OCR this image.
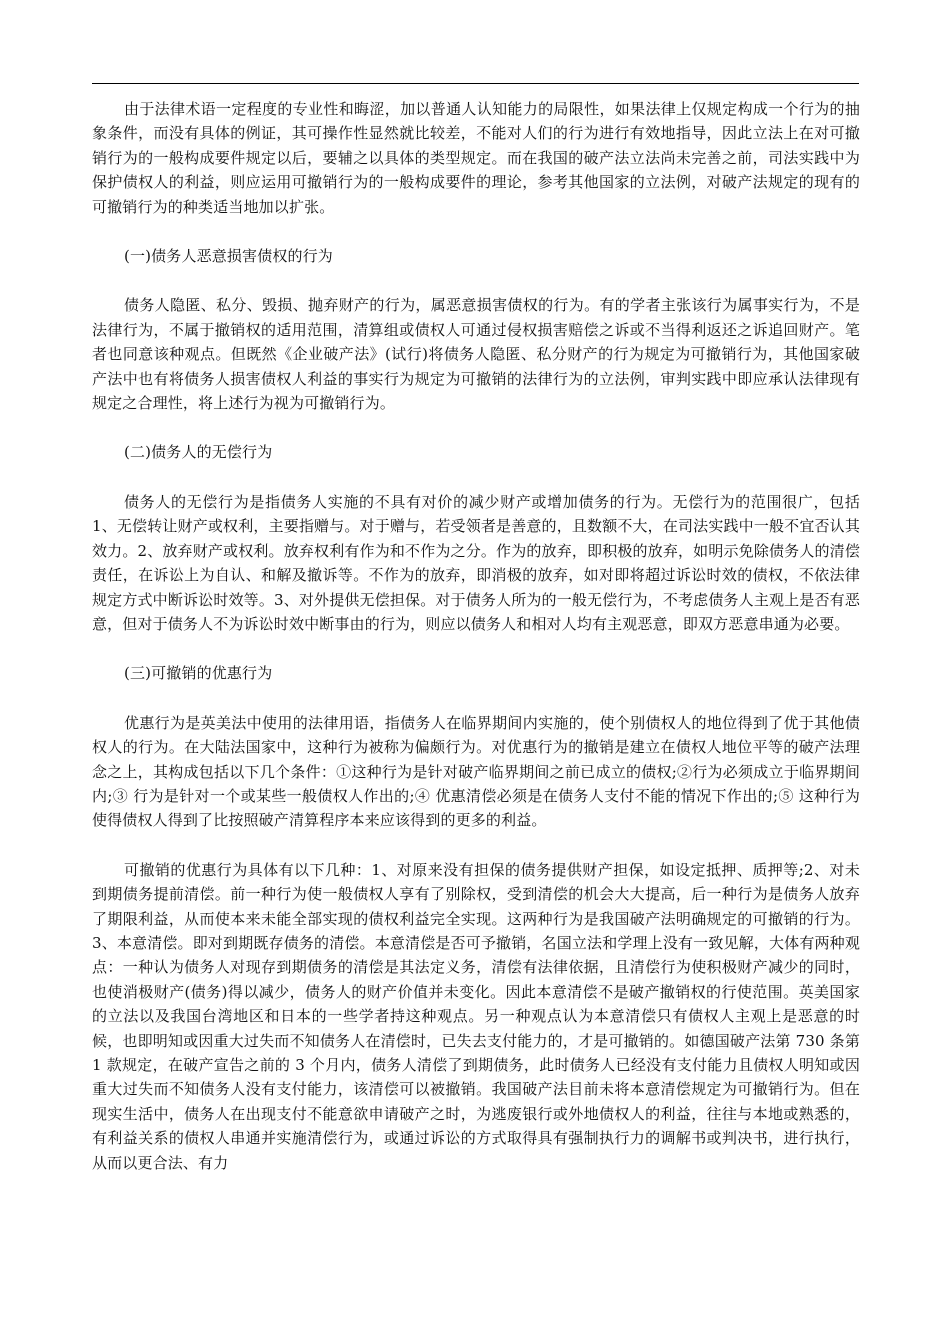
由于法律术语一定程度的专业性和晦涩，加以普通人认知能力的局限性，如果法律上仅规定构成一个行为的抽象条件，而没有具体的例证，其可操作性显然就比较差，不能对人们的行为进行有效地指导，因此立法上在对可撤销行为的一般构成要件规定以后，要辅之以具体的类型规定。而在我国的破产法立法尚未完善之前，司法实践中为保护债权人的利益，则应运用可撤销行为的一般构成要件的理论，参考其他国家的立法例，对破产法规定的现有的可撤销行为的种类适当地加以扩张。

(一)债务人恶意损害债权的行为

债务人隐匿、私分、毁损、抛弃财产的行为，属恶意损害债权的行为。有的学者主张该行为属事实行为，不是法律行为，不属于撤销权的适用范围，清算组或债权人可通过侵权损害赔偿之诉或不当得利返还之诉追回财产。笔者也同意该种观点。但既然《企业破产法》(试行)将债务人隐匿、私分财产的行为规定为可撤销行为，其他国家破产法中也有将债务人损害债权人利益的事实行为规定为可撤销的法律行为的立法例，审判实践中即应承认法律现有规定之合理性，将上述行为视为可撤销行为。

(二)债务人的无偿行为

债务人的无偿行为是指债务人实施的不具有对价的减少财产或增加债务的行为。无偿行为的范围很广，包括 1、无偿转让财产或权利，主要指赠与。对于赠与，若受领者是善意的，且数额不大，在司法实践中一般不宜否认其效力。2、放弃财产或权利。放弃权利有作为和不作为之分。作为的放弃，即积极的放弃，如明示免除债务人的清偿责任，在诉讼上为自认、和解及撤诉等。不作为的放弃，即消极的放弃，如对即将超过诉讼时效的债权，不依法律规定方式中断诉讼时效等。3、对外提供无偿担保。对于债务人所为的一般无偿行为，不考虑债务人主观上是否有恶意，但对于债务人不为诉讼时效中断事由的行为，则应以债务人和相对人均有主观恶意，即双方恶意串通为必要。

(三)可撤销的优惠行为

优惠行为是英美法中使用的法律用语，指债务人在临界期间内实施的，使个别债权人的地位得到了优于其他债权人的行为。在大陆法国家中，这种行为被称为偏颇行为。对优惠行为的撤销是建立在债权人地位平等的破产法理念之上，其构成包括以下几个条件：①这种行为是针对破产临界期间之前已成立的债权;②行为必须成立于临界期间内;③ 行为是针对一个或某些一般债权人作出的;④ 优惠清偿必须是在债务人支付不能的情况下作出的;⑤ 这种行为使得债权人得到了比按照破产清算程序本来应该得到的更多的利益。

可撤销的优惠行为具体有以下几种：1、对原来没有担保的债务提供财产担保，如设定抵押、质押等;2、对未到期债务提前清偿。前一种行为使一般债权人享有了别除权，受到清偿的机会大大提高，后一种行为是债务人放弃了期限利益，从而使本来未能全部实现的债权利益完全实现。这两种行为是我国破产法明确规定的可撤销的行为。3、本意清偿。即对到期既存债务的清偿。本意清偿是否可予撤销，名国立法和学理上没有一致见解，大体有两种观点：一种认为债务人对现存到期债务的清偿是其法定义务，清偿有法律依据，且清偿行为使积极财产减少的同时，也使消极财产(债务)得以减少，债务人的财产价值并未变化。因此本意清偿不是破产撤销权的行使范围。英美国家的立法以及我国台湾地区和日本的一些学者持这种观点。另一种观点认为本意清偿只有债权人主观上是恶意的时候，也即明知或因重大过失而不知债务人在清偿时，已失去支付能力的，才是可撤销的。如德国破产法第 730 条第 1 款规定，在破产宣告之前的 3 个月内，债务人清偿了到期债务，此时债务人已经没有支付能力且债权人明知或因重大过失而不知债务人没有支付能力，该清偿可以被撤销。我国破产法目前未将本意清偿规定为可撤销行为。但在现实生活中，债务人在出现支付不能意欲申请破产之时，为逃废银行或外地债权人的利益，往往与本地或熟悉的，有利益关系的债权人串通并实施清偿行为，或通过诉讼的方式取得具有强制执行力的调解书或判决书，进行执行，从而以更合法、有力
